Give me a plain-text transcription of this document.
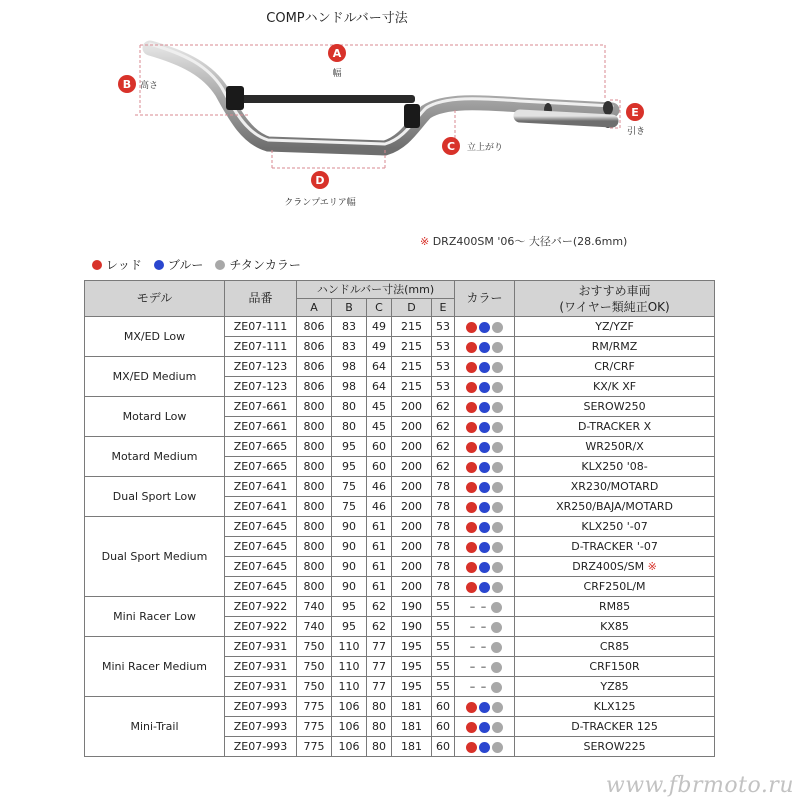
COMPハンドルバー寸法
A
幅
B 高さ
C 立上がり
D
クランプエリア幅
E
引き
※ DRZ400SM '06～ 大径バー(28.6mm)
レッド ブルー チタンカラー
モデル	品番	ハンドルバー寸法(mm)					カラー	おすすめ車両
(ワイヤー類純正OK)

		A	B	C	D	E		
MX/ED Low	ZE07-111	806	83	49	215	53		YZ/YZF
	ZE07-111	806	83	49	215	53		RM/RMZ
MX/ED Medium	ZE07-123	806	98	64	215	53		CR/CRF
	ZE07-123	806	98	64	215	53		KX/K XF
Motard Low	ZE07-661	800	80	45	200	62		SEROW250
	ZE07-661	800	80	45	200	62		D-TRACKER X
Motard Medium	ZE07-665	800	95	60	200	62		WR250R/X
	ZE07-665	800	95	60	200	62		KLX250 '08-
Dual Sport Low	ZE07-641	800	75	46	200	78		XR230/MOTARD
	ZE07-641	800	75	46	200	78		XR250/BAJA/MOTARD
Dual Sport Medium	ZE07-645	800	90	61	200	78		KLX250 '-07
	ZE07-645	800	90	61	200	78		D-TRACKER '-07
	ZE07-645	800	90	61	200	78		DRZ400S/SM ※
	ZE07-645	800	90	61	200	78		CRF250L/M
Mini Racer Low	ZE07-922	740	95	62	190	55	– –	RM85
	ZE07-922	740	95	62	190	55	– –	KX85
Mini Racer Medium	ZE07-931	750	110	77	195	55	– –	CR85
	ZE07-931	750	110	77	195	55	– –	CRF150R
	ZE07-931	750	110	77	195	55	– –	YZ85
Mini-Trail	ZE07-993	775	106	80	181	60		KLX125
	ZE07-993	775	106	80	181	60		D-TRACKER 125
	ZE07-993	775	106	80	181	60		SEROW225
www.fbrmoto.ru
